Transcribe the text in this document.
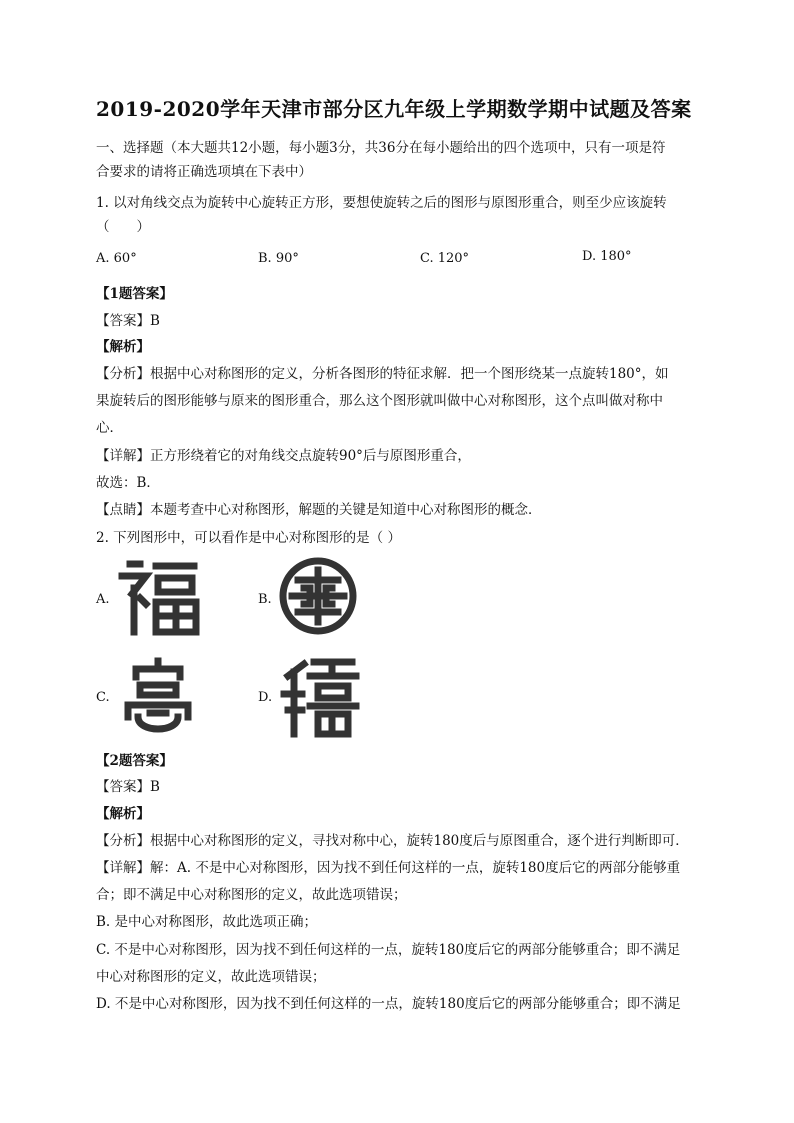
2019-2020学年天津市部分区九年级上学期数学期中试题及答案
一、选择题（本大题共12小题，每小题3分，共36分在每小题给出的四个选项中，只有一项是符
合要求的请将正确选项填在下表中）
1. 以对角线交点为旋转中心旋转正方形，要想使旋转之后的图形与原图形重合，则至少应该旋转
（　　）
A. 60°	B. 90°	C. 120°	D. 180°
【1题答案】
【答案】B
【解析】
【分析】根据中心对称图形的定义，分析各图形的特征求解．把一个图形绕某一点旋转180°，如
果旋转后的图形能够与原来的图形重合，那么这个图形就叫做中心对称图形，这个点叫做对称中
心．
【详解】正方形绕着它的对角线交点旋转90°后与原图形重合，
故选：B．
【点睛】本题考查中心对称图形，解题的关键是知道中心对称图形的概念．
2. 下列图形中，可以看作是中心对称图形的是（ ）
A.	B.
C.	D.
【2题答案】
【答案】B
【解析】
【分析】根据中心对称图形的定义，寻找对称中心，旋转180度后与原图重合，逐个进行判断即可．
【详解】解：A. 不是中心对称图形，因为找不到任何这样的一点，旋转180度后它的两部分能够重
合；即不满足中心对称图形的定义，故此选项错误；
B. 是中心对称图形，故此选项正确；
C. 不是中心对称图形，因为找不到任何这样的一点，旋转180度后它的两部分能够重合；即不满足
中心对称图形的定义，故此选项错误；
D. 不是中心对称图形，因为找不到任何这样的一点，旋转180度后它的两部分能够重合；即不满足
